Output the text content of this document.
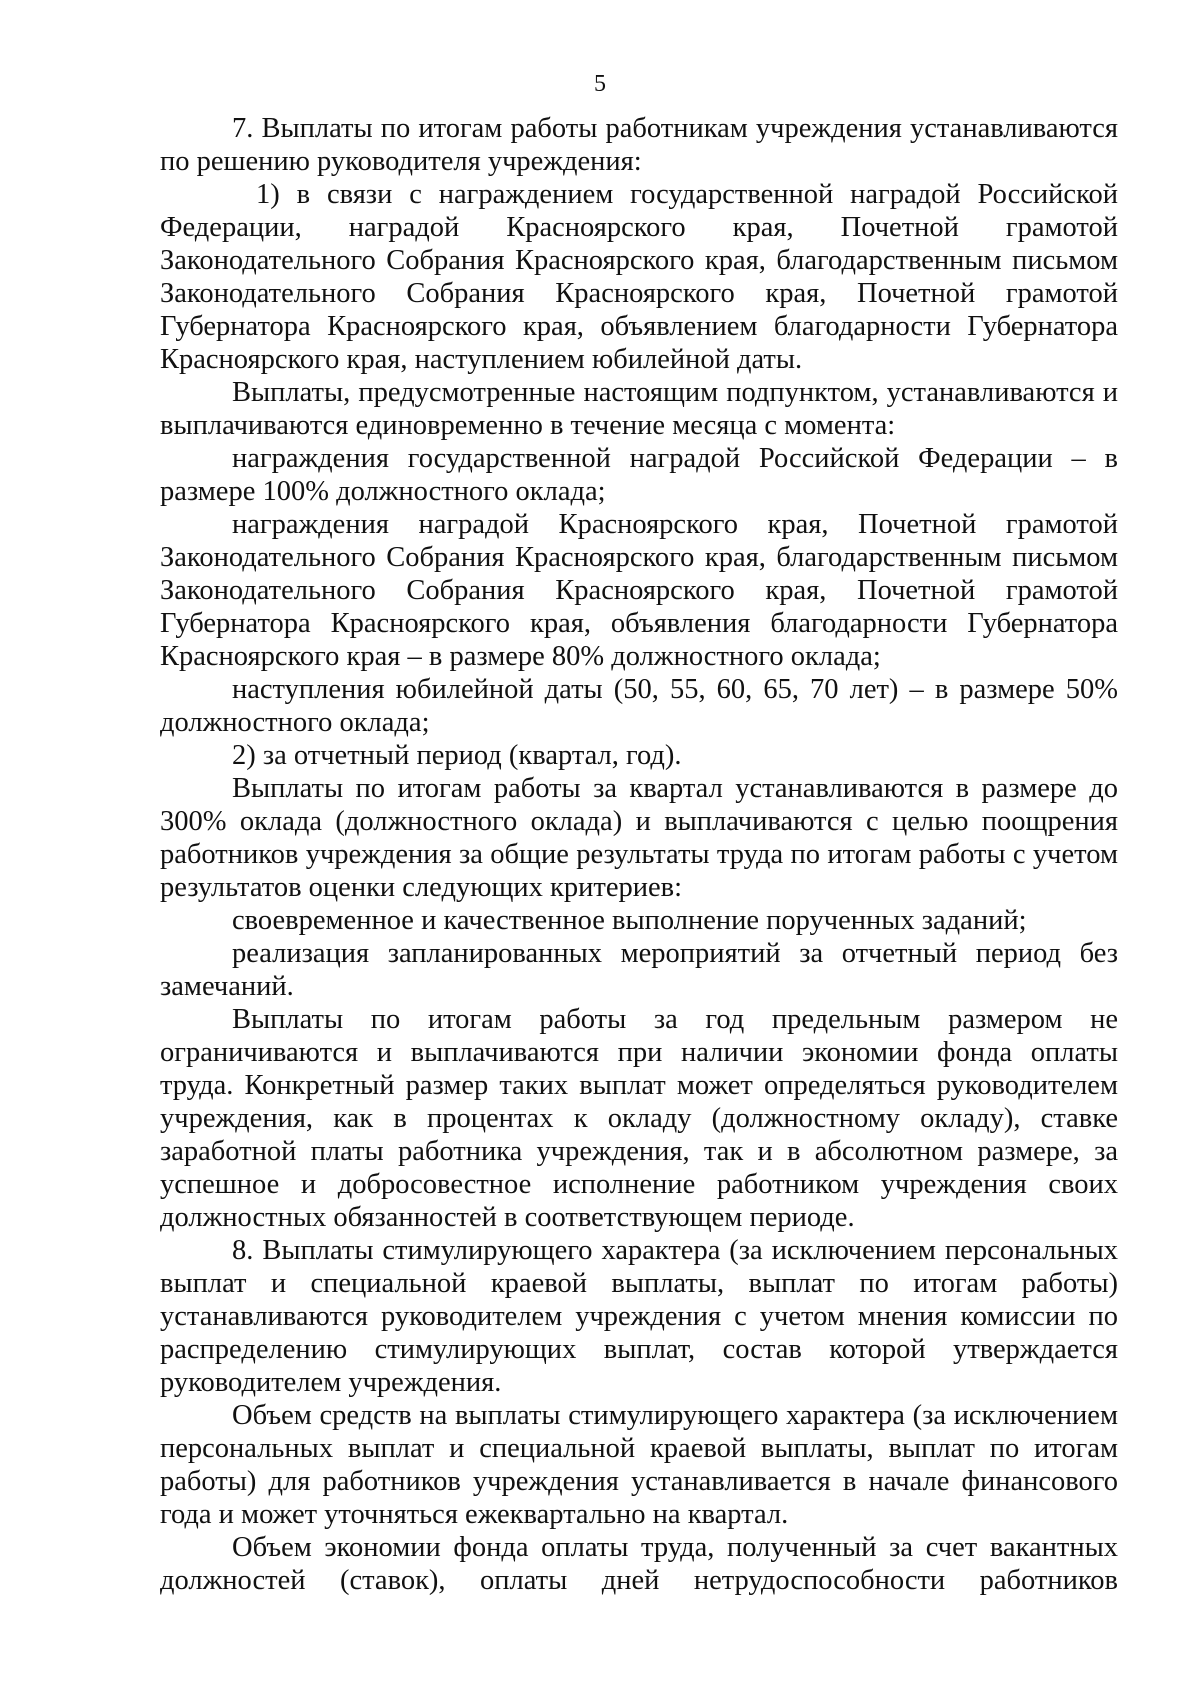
5

7. Выплаты по итогам работы работникам учреждения устанавливаются по решению руководителя учреждения:

1) в связи с награждением государственной наградой Российской Федерации, наградой Красноярского края, Почетной грамотой Законодательного Собрания Красноярского края, благодарственным письмом Законодательного Собрания Красноярского края, Почетной грамотой Губернатора Красноярского края, объявлением благодарности Губернатора Красноярского края, наступлением юбилейной даты.

Выплаты, предусмотренные настоящим подпунктом, устанавливаются и выплачиваются единовременно в течение месяца с момента:

награждения государственной наградой Российской Федерации – в размере 100% должностного оклада;

награждения наградой Красноярского края, Почетной грамотой Законодательного Собрания Красноярского края, благодарственным письмом Законодательного Собрания Красноярского края, Почетной грамотой Губернатора Красноярского края, объявления благодарности Губернатора Красноярского края – в размере 80% должностного оклада;

наступления юбилейной даты (50, 55, 60, 65, 70 лет) – в размере 50% должностного оклада;

2) за отчетный период (квартал, год).

Выплаты по итогам работы за квартал устанавливаются в размере до 300% оклада (должностного оклада) и выплачиваются с целью поощрения работников учреждения за общие результаты труда по итогам работы с учетом результатов оценки следующих критериев:

своевременное и качественное выполнение порученных заданий;

реализация запланированных мероприятий за отчетный период без замечаний.

Выплаты по итогам работы за год предельным размером не ограничиваются и выплачиваются при наличии экономии фонда оплаты труда. Конкретный размер таких выплат может определяться руководителем учреждения, как в процентах к окладу (должностному окладу), ставке заработной платы работника учреждения, так и в абсолютном размере, за успешное и добросовестное исполнение работником учреждения своих должностных обязанностей в соответствующем периоде.

8. Выплаты стимулирующего характера (за исключением персональных выплат и специальной краевой выплаты, выплат по итогам работы) устанавливаются руководителем учреждения с учетом мнения комиссии по распределению стимулирующих выплат, состав которой утверждается руководителем учреждения.

Объем средств на выплаты стимулирующего характера (за исключением персональных выплат и специальной краевой выплаты, выплат по итогам работы) для работников учреждения устанавливается в начале финансового года и может уточняться ежеквартально на квартал.

Объем экономии фонда оплаты труда, полученный за счет вакантных должностей (ставок), оплаты дней нетрудоспособности работников
